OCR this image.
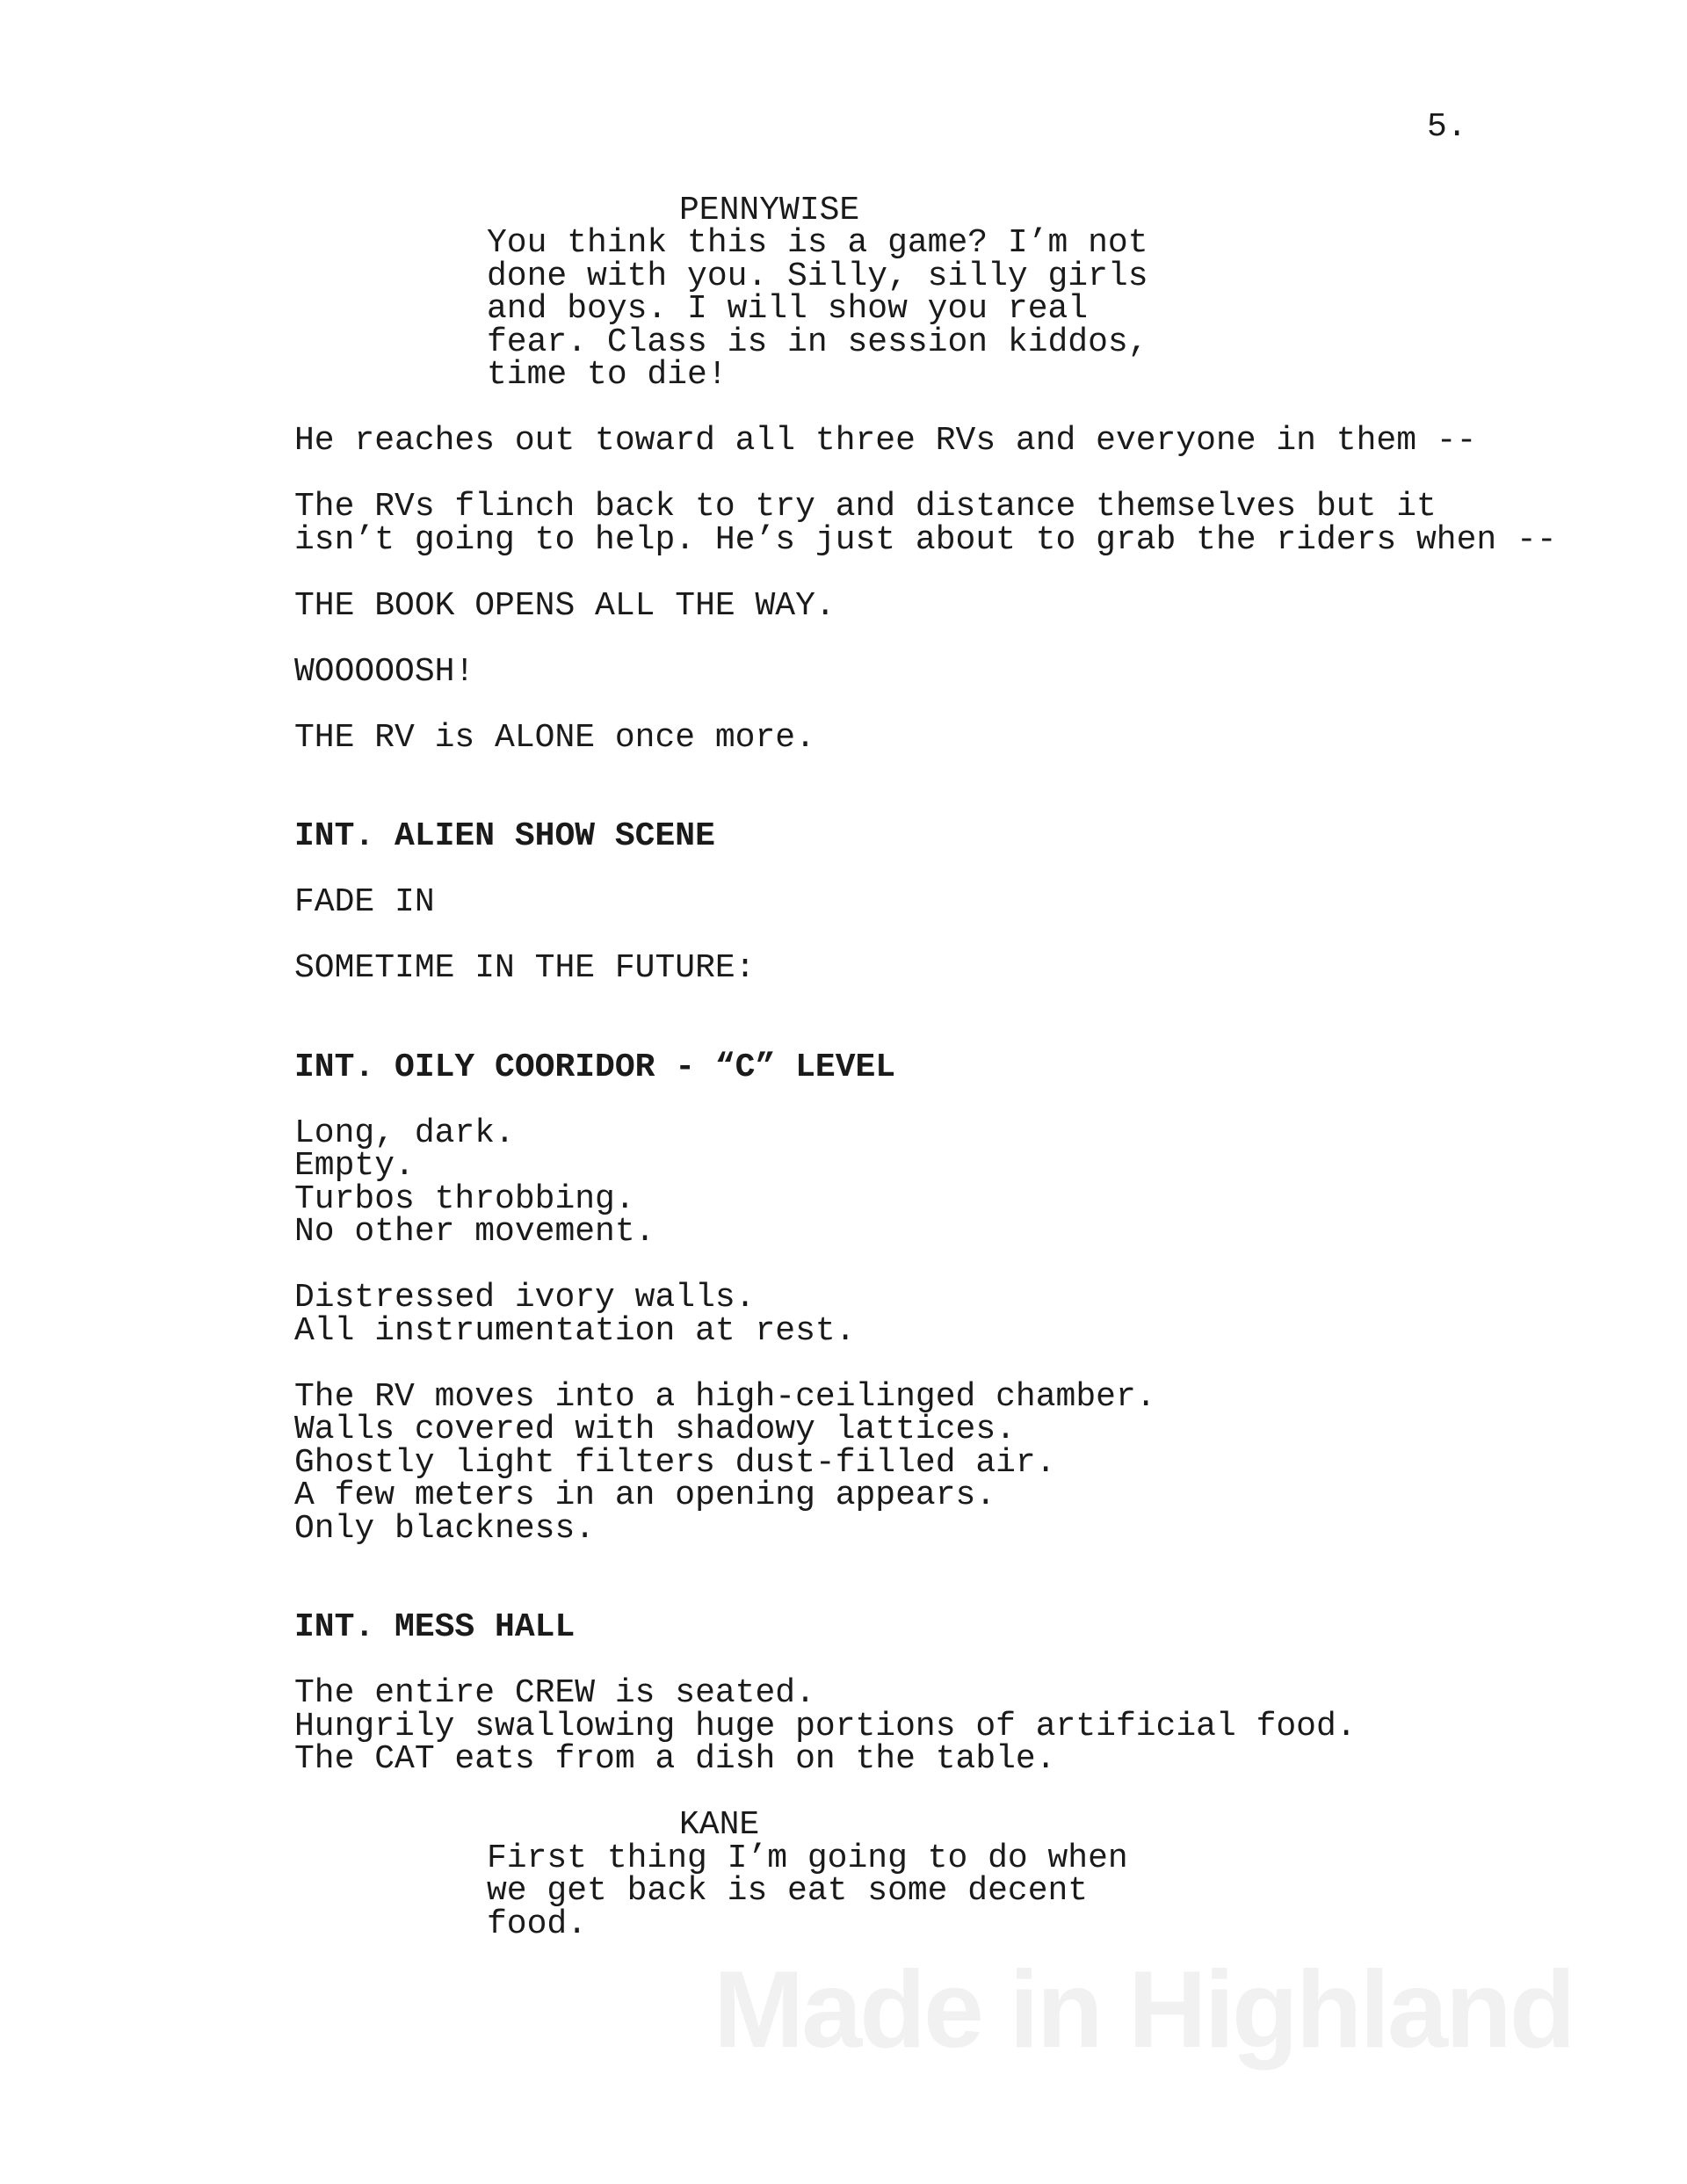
5.
PENNYWISE
You think this is a game? I’m not
done with you. Silly, silly girls
and boys. I will show you real
fear. Class is in session kiddos,
time to die!
He reaches out toward all three RVs and everyone in them --
The RVs flinch back to try and distance themselves but it
isn’t going to help. He’s just about to grab the riders when --
THE BOOK OPENS ALL THE WAY.
WOOOOOSH!
THE RV is ALONE once more.
INT. ALIEN SHOW SCENE
FADE IN
SOMETIME IN THE FUTURE:
INT. OILY COORIDOR - “C” LEVEL
Long, dark.
Empty.
Turbos throbbing.
No other movement.
Distressed ivory walls.
All instrumentation at rest.
The RV moves into a high-ceilinged chamber.
Walls covered with shadowy lattices.
Ghostly light filters dust-filled air.
A few meters in an opening appears.
Only blackness.
INT. MESS HALL
The entire CREW is seated.
Hungrily swallowing huge portions of artificial food.
The CAT eats from a dish on the table.
KANE
First thing I’m going to do when
we get back is eat some decent
food.
Made in Highland
